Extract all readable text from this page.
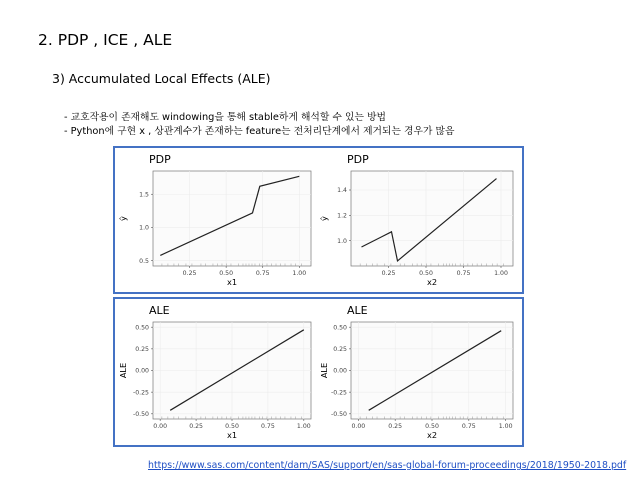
2. PDP , ICE , ALE
3) Accumulated Local Effects (ALE)
- 교호작용이 존재해도 windowing을 통해 stable하게 해석할 수 있는 방법
- Python에 구현 x , 상관계수가 존재하는 feature는 전처리단계에서 제거되는 경우가 많음
PDP
0.25	0.50	0.75	1.00
0.5
1.0
1.5
x1
ŷ
PDP
0.25	0.50	0.75	1.00
1.0
1.2
1.4
x2
ŷ
ALE
0.00	0.25	0.50	0.75	1.00
-0.50
-0.25
0.00
0.25
0.50
x1
ALE
ALE
0.00	0.25	0.50	0.75	1.00
-0.50
-0.25
0.00
0.25
0.50
x2
ALE
https://www.sas.com/content/dam/SAS/support/en/sas-global-forum-proceedings/2018/1950-2018.pdf
